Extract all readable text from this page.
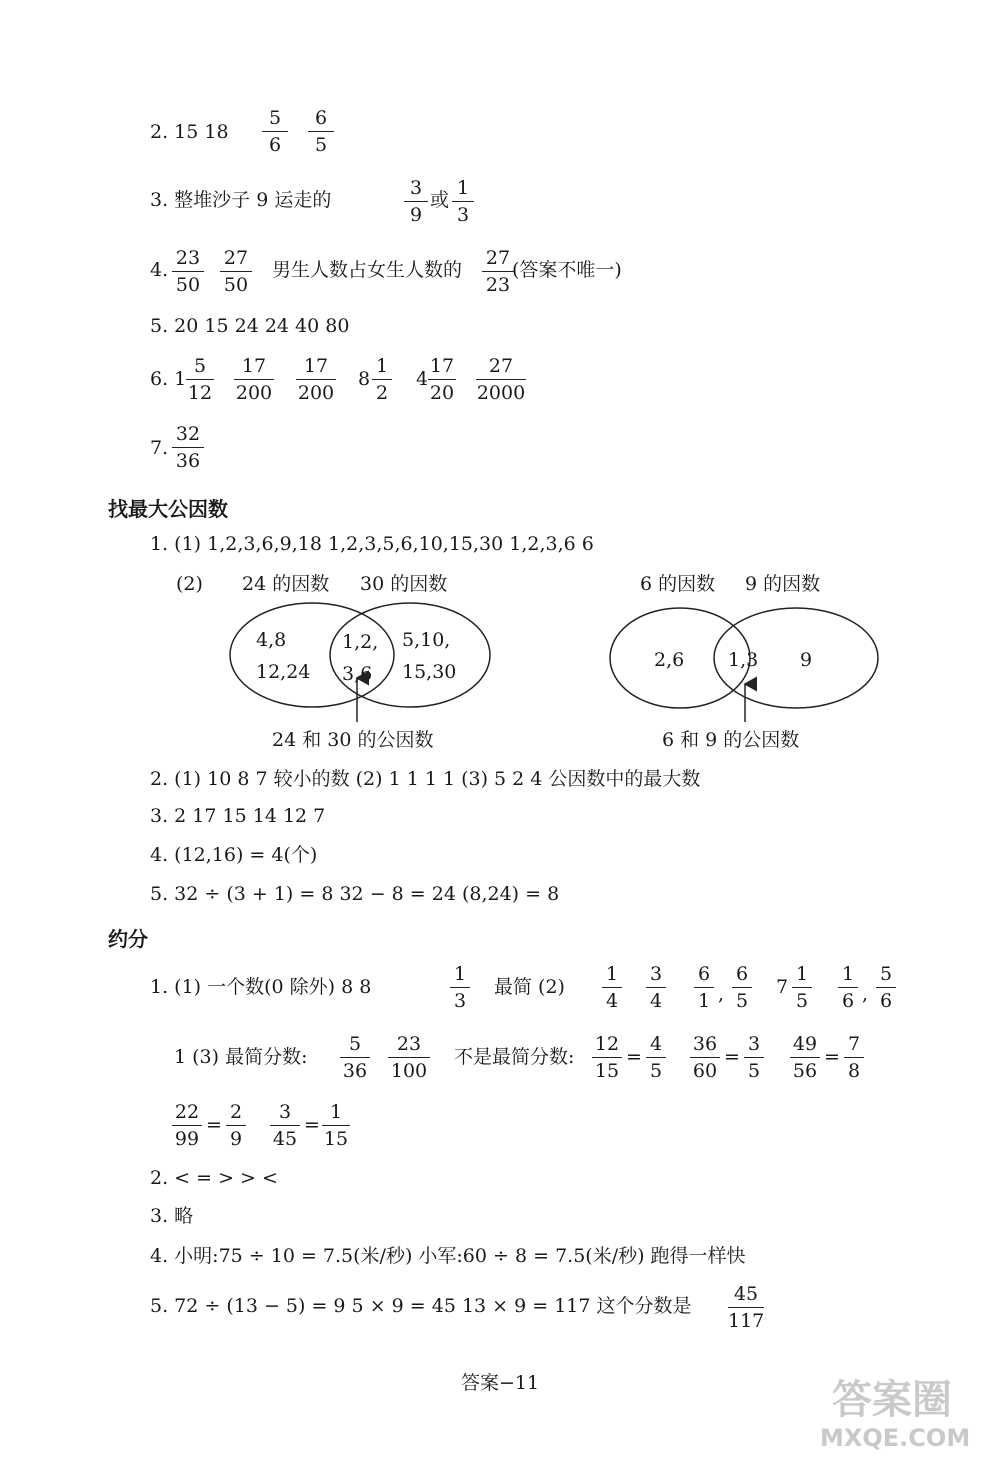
2. 15 18
5
6
6
5
3. 整堆沙子 9 运走的
3
9
或
1
3
4.
23
50
27
50
男生人数占女生人数的
27
23
(答案不唯一)
5. 20 15 24 24 40 80
6. 1
5
12
17
200
17
200
8
1
2
4
17
20
27
2000
7.
32
36
找最大公因数
1. (1) 1,2,3,6,9,18 1,2,3,5,6,10,15,30 1,2,3,6 6
(2) 24 的因数 30 的因数
4,8
12,24
1,2,
3,6
5,10,
15,30
24 和 30 的公因数
6 的因数 9 的因数
2,6 1,3 9
6 和 9 的公因数
2. (1) 10 8 7 较小的数 (2) 1 1 1 1 (3) 5 2 4 公因数中的最大数
3. 2 17 15 14 12 7
4. (12,16) = 4(个)
5. 32 ÷ (3 + 1) = 8 32 − 8 = 24 (8,24) = 8
约分
1. (1) 一个数(0 除外) 8 8
1
3
最简 (2)
1
4
3
4
6
1 ,
6
5
7
1
5
1
6 ,
5
6
1 (3) 最简分数:
5
36
23
100
不是最简分数:
12
15
=
4
5
36
60
=
3
5
49
56
=
7
8
22
99
=
2
9
3
45
=
1
15
2. < = > > <
3. 略
4. 小明:75 ÷ 10 = 7.5(米/秒) 小军:60 ÷ 8 = 7.5(米/秒) 跑得一样快
5. 72 ÷ (13 − 5) = 9 5 × 9 = 45 13 × 9 = 117 这个分数是
45
117
答案−11	答案圈
MXQE.COM
